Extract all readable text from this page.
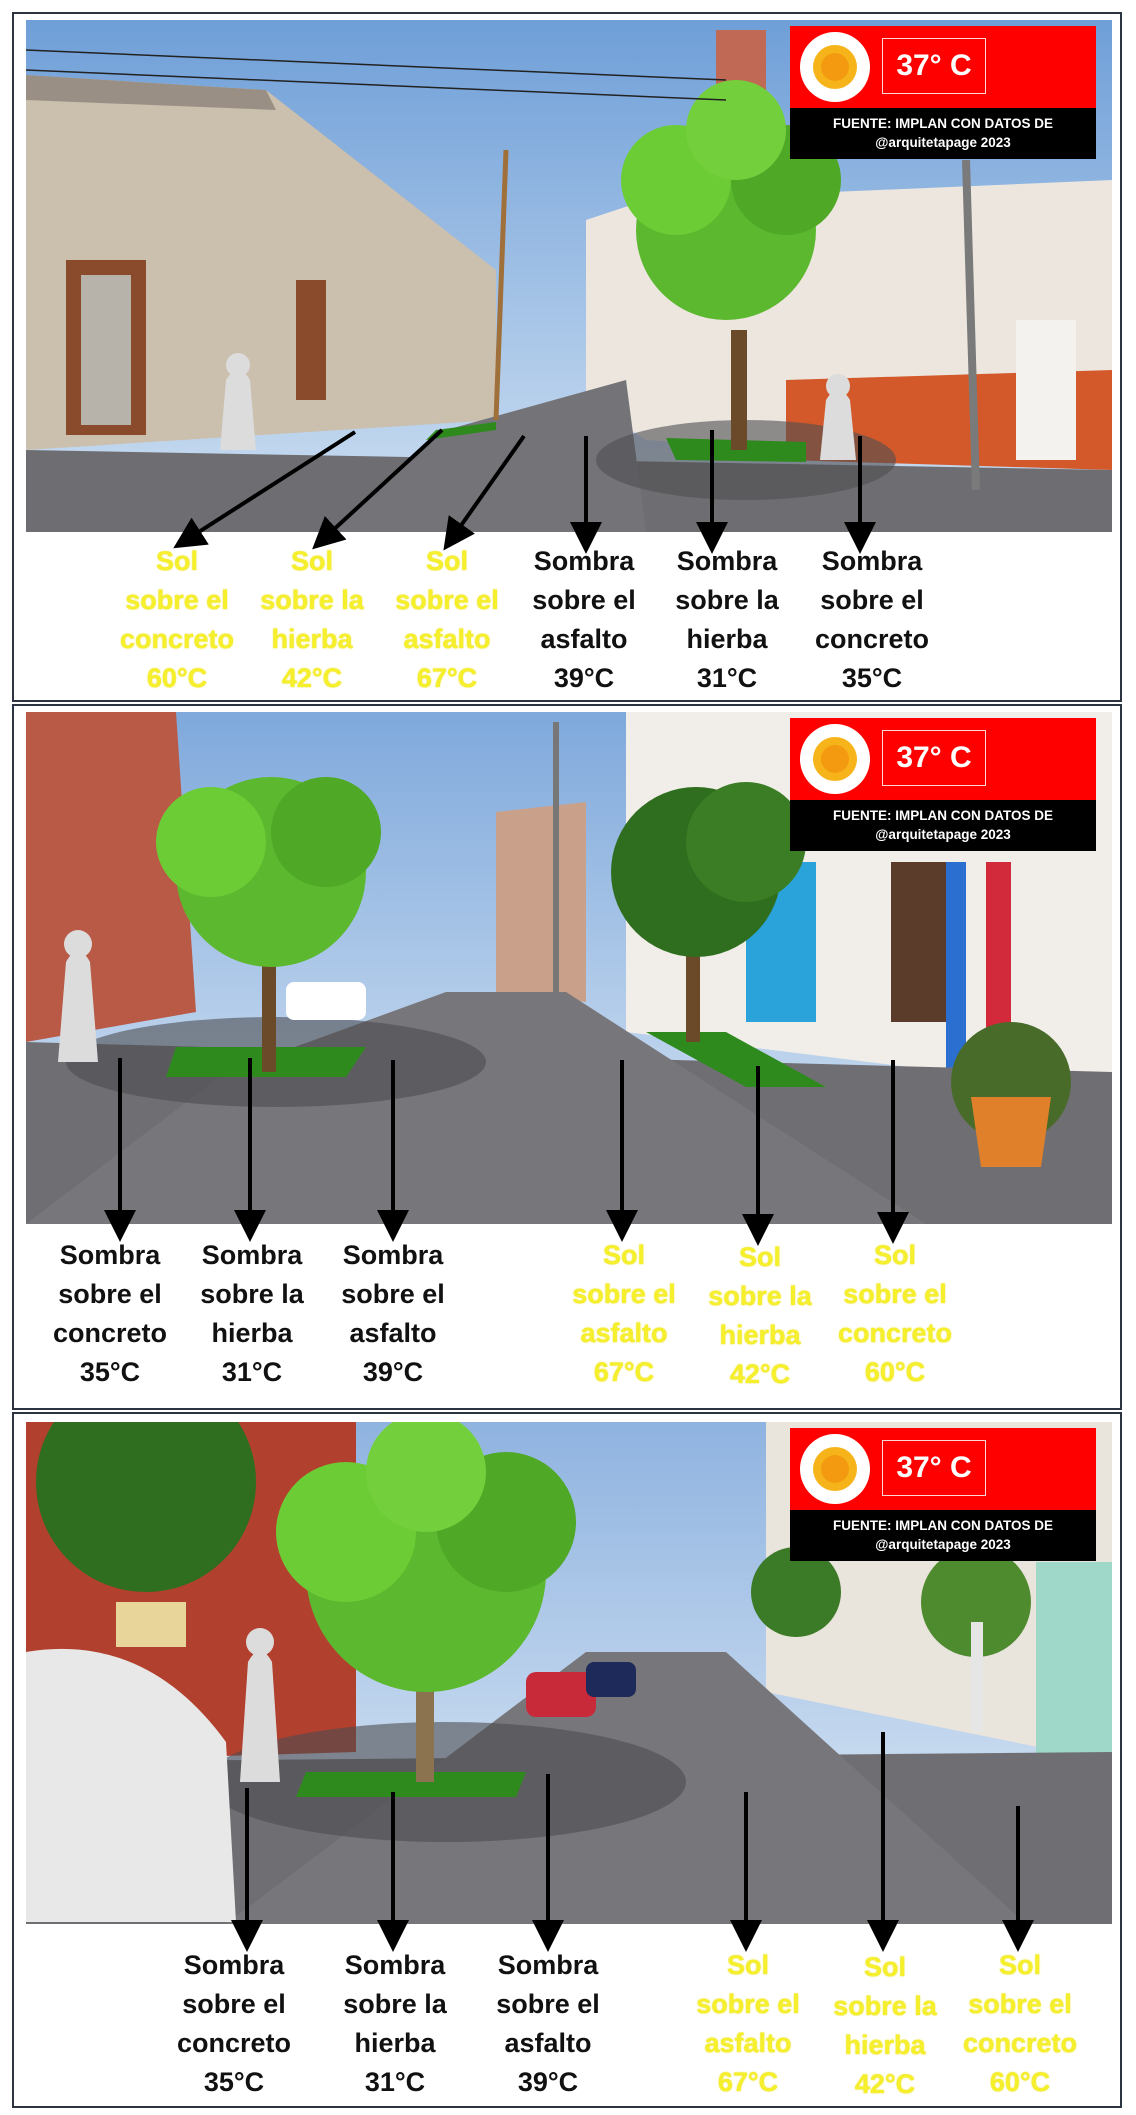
37° C
FUENTE: IMPLAN CON DATOS DE
@arquitetapage 2023
37° C
FUENTE: IMPLAN CON DATOS DE
@arquitetapage 2023
37° C
FUENTE: IMPLAN CON DATOS DE
@arquitetapage 2023
Sol
sobre el
concreto
60°C
Sol
sobre la
hierba
42°C
Sol
sobre el
asfalto
67°C
Sombra
sobre el
asfalto
39°C
Sombra
sobre la
hierba
31°C
Sombra
sobre el
concreto
35°C
Sombra
sobre el
concreto
35°C
Sombra
sobre la
hierba
31°C
Sombra
sobre el
asfalto
39°C
Sol
sobre el
asfalto
67°C
Sol
sobre la
hierba
42°C
Sol
sobre el
concreto
60°C
Sombra
sobre el
concreto
35°C
Sombra
sobre la
hierba
31°C
Sombra
sobre el
asfalto
39°C
Sol
sobre el
asfalto
67°C
Sol
sobre la
hierba
42°C
Sol
sobre el
concreto
60°C
